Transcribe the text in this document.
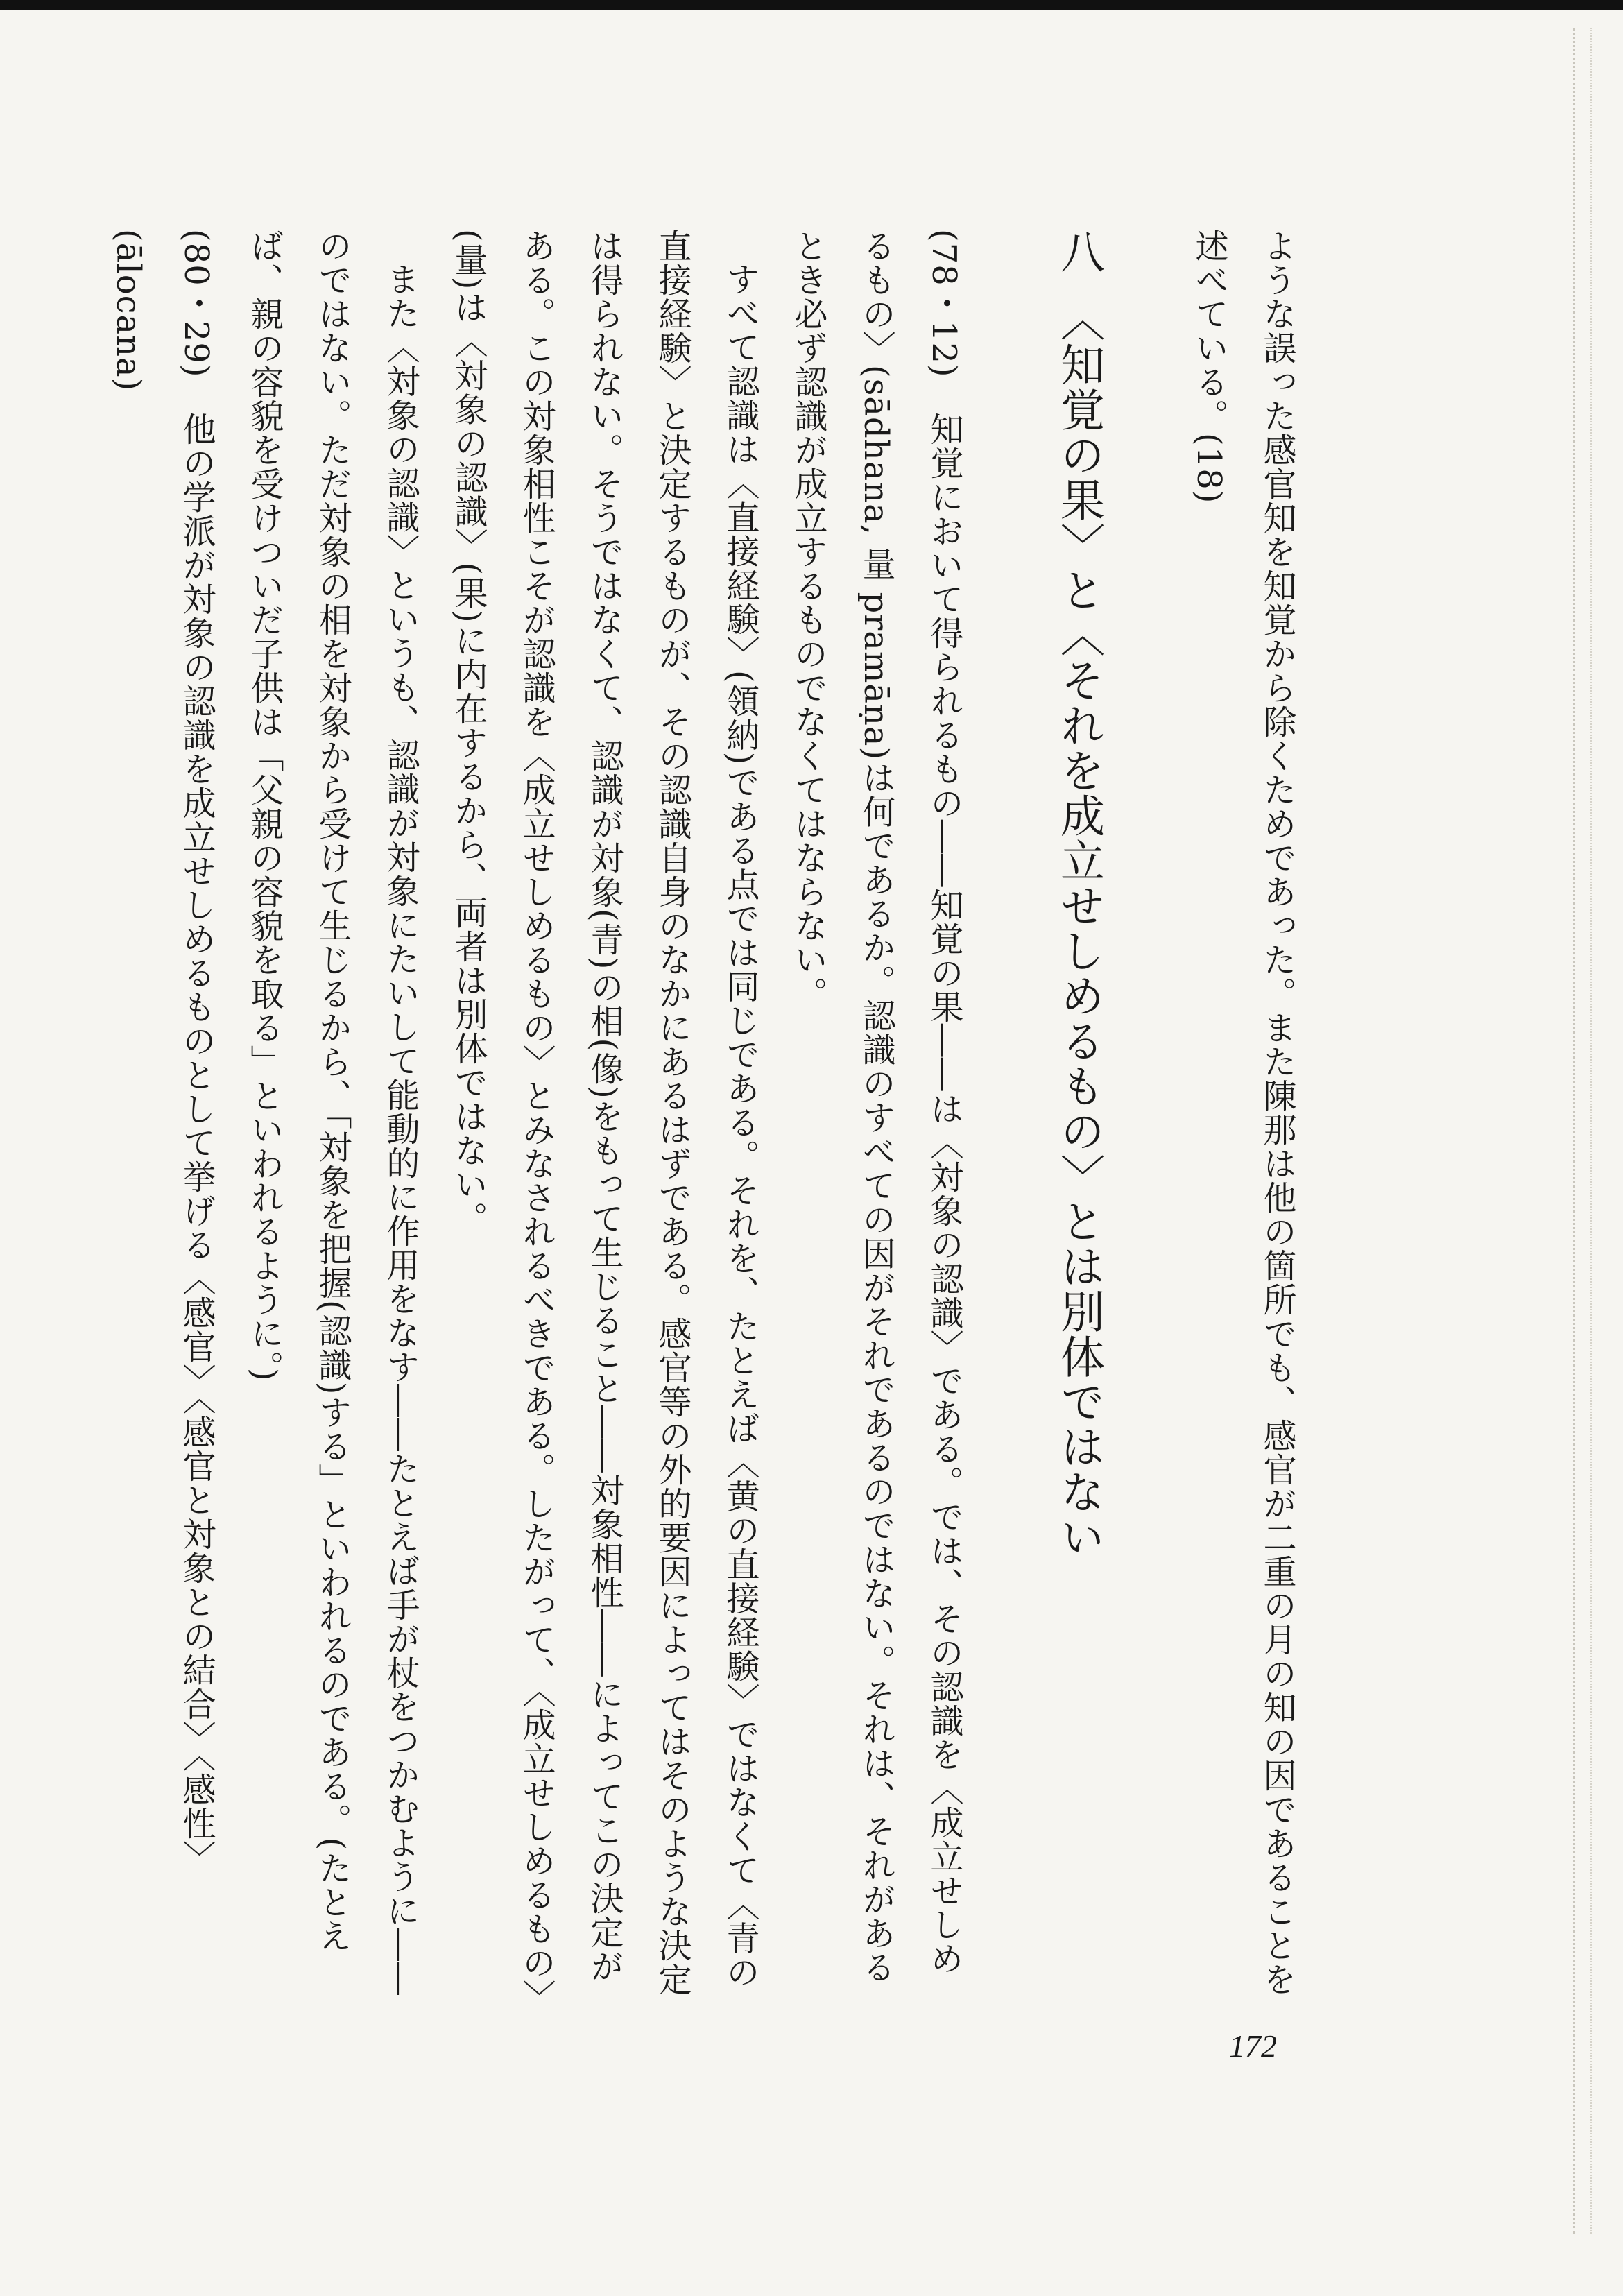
ような誤った感官知を知覚から除くためであった。また陳那は他の箇所でも、感官が二重の月の知の因であることを述べている。(18)

八　〈知覚の果〉と〈それを成立せしめるもの〉とは別体ではない

(78・12)　知覚において得られるもの――知覚の果――は〈対象の認識〉である。では、その認識を〈成立せしめるもの〉(sādhana, 量 pramāṇa)は何であるか。認識のすべての因がそれであるのではない。それは、それがあるとき必ず認識が成立するものでなくてはならない。

すべて認識は〈直接経験〉(領納)である点では同じである。それを、たとえば〈黄の直接経験〉ではなくて〈青の直接経験〉と決定するものが、その認識自身のなかにあるはずである。感官等の外的要因によってはそのような決定は得られない。そうではなくて、認識が対象(青)の相(像)をもって生じること――対象相性――によってこの決定がある。この対象相性こそが認識を〈成立せしめるもの〉とみなされるべきである。したがって、〈成立せしめるもの〉(量)は〈対象の認識〉(果)に内在するから、両者は別体ではない。

また〈対象の認識〉というも、認識が対象にたいして能動的に作用をなす――たとえば手が杖をつかむように――のではない。ただ対象の相を対象から受けて生じるから、「対象を把握(認識)する」といわれるのである。(たとえば、親の容貌を受けついだ子供は「父親の容貌を取る」といわれるように。)

(80・29)　他の学派が対象の認識を成立せしめるものとして挙げる〈感官〉〈感官と対象との結合〉〈感性〉(ālocana)

172
